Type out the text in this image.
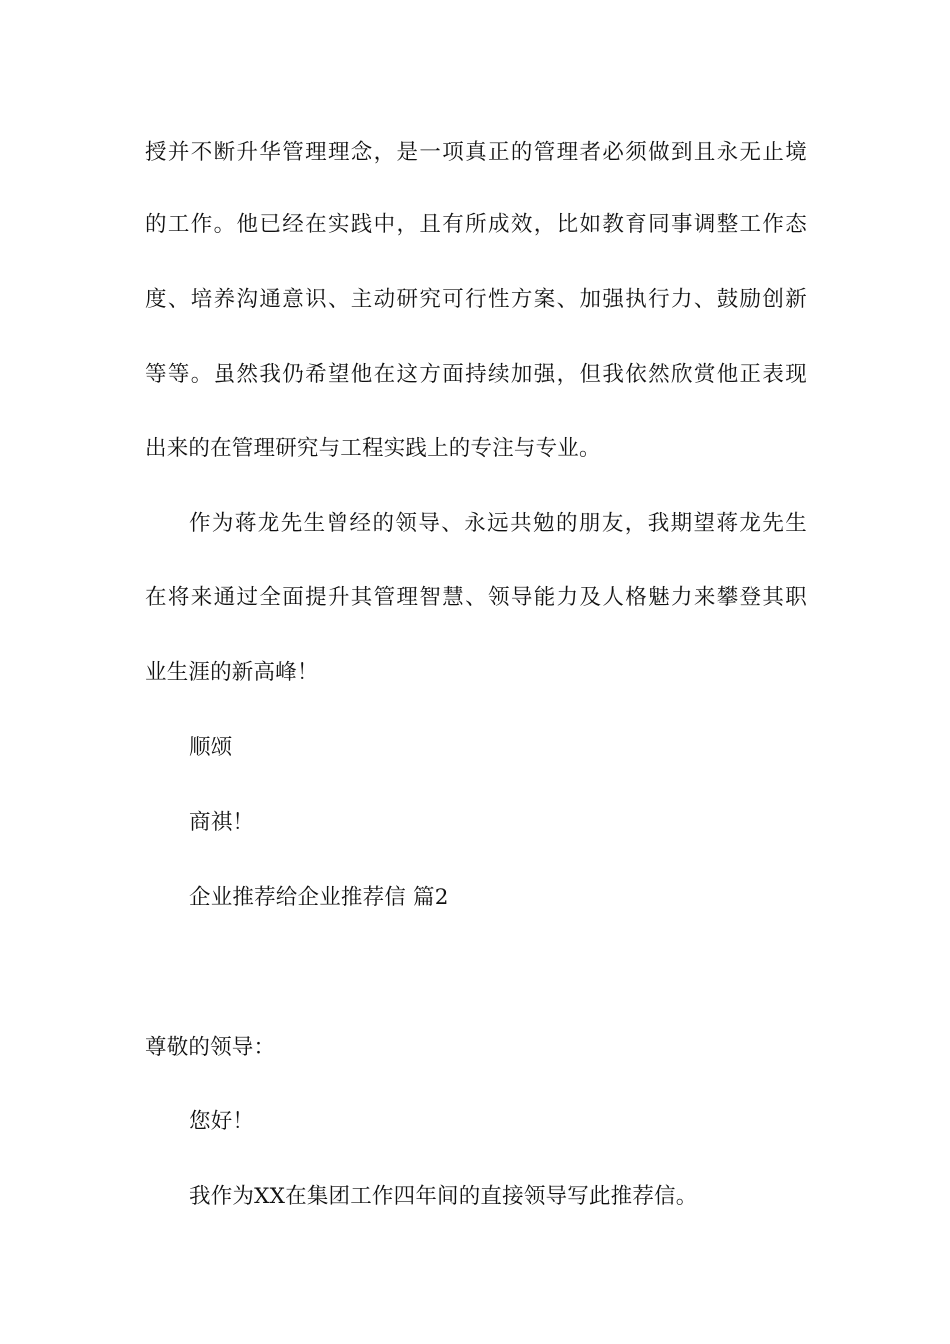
授并不断升华管理理念，是一项真正的管理者必须做到且永无止境
的工作。他已经在实践中，且有所成效，比如教育同事调整工作态
度、培养沟通意识、主动研究可行性方案、加强执行力、鼓励创新
等等。虽然我仍希望他在这方面持续加强，但我依然欣赏他正表现
出来的在管理研究与工程实践上的专注与专业。
作为蒋龙先生曾经的领导、永远共勉的朋友，我期望蒋龙先生
在将来通过全面提升其管理智慧、领导能力及人格魅力来攀登其职
业生涯的新高峰！
顺颂
商祺！
企业推荐给企业推荐信 篇2
尊敬的领导：
您好！
我作为XX在集团工作四年间的直接领导写此推荐信。
